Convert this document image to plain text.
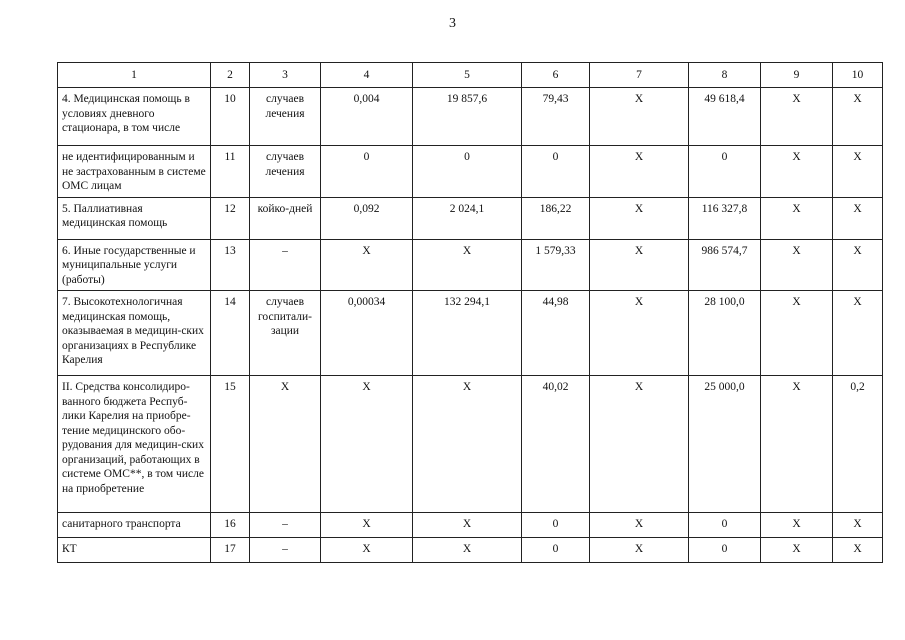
3
1	2	3	4	5	6	7	8	9	10
4. Медицинская помощь в условиях дневного стационара, в том числе	10	случаев лечения	0,004	19 857,6	79,43	X	49 618,4	X	X
не идентифицированным и не застрахованным в системе ОМС лицам	11	случаев лечения	0	0	0	X	0	X	X
5. Паллиативная медицинская помощь	12	койко-дней	0,092	2 024,1	186,22	X	116 327,8	X	X
6. Иные государственные и муниципальные услуги (работы)	13	–	X	X	1 579,33	X	986 574,7	X	X
7. Высокотехнологичная медицинская помощь, оказываемая в медицин-ских организациях в Республике Карелия	14	случаев госпитали-зации	0,00034	132 294,1	44,98	X	28 100,0	X	X
II. Средства консолидиро-ванного бюджета Респуб-лики Карелия на приобре-тение медицинского обо-рудования для медицин-ских организаций, работающих в системе ОМС**, в том числе на приобретение	15	X	X	X	40,02	X	25 000,0	X	0,2
санитарного транспорта	16	–	X	X	0	X	0	X	X
КТ	17	–	X	X	0	X	0	X	X
